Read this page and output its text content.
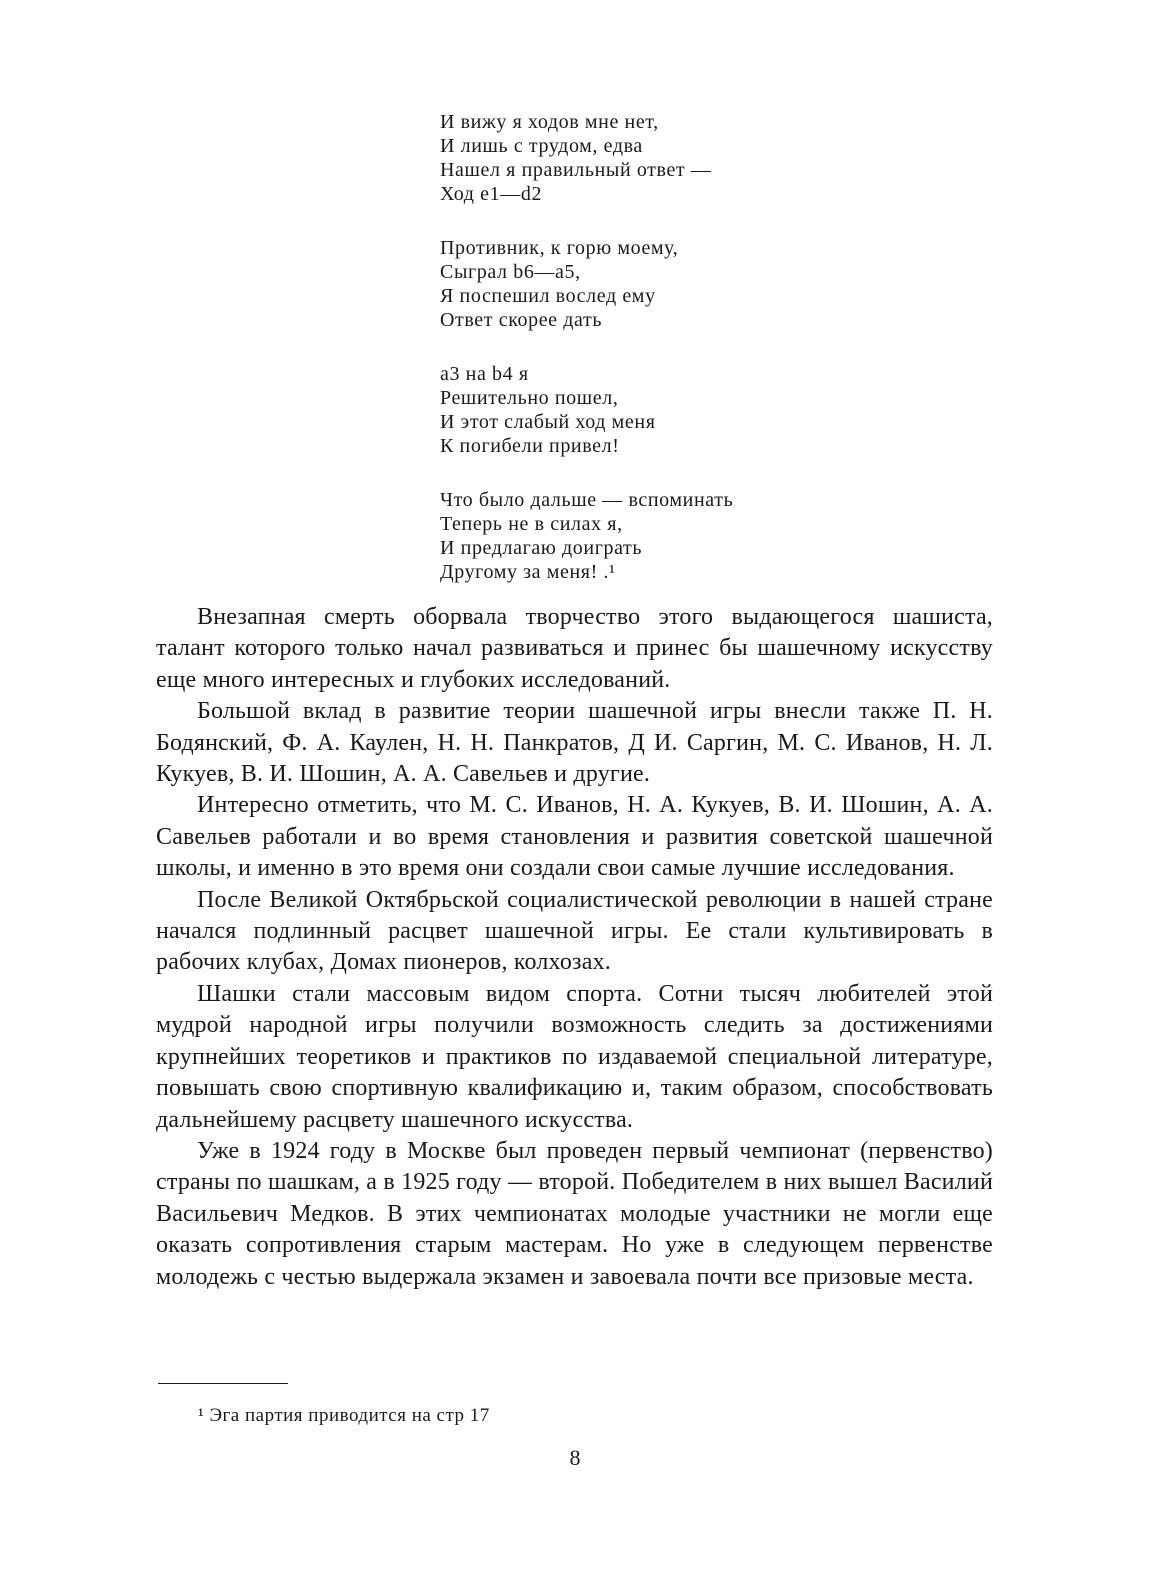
И вижу я ходов мне нет,
И лишь с трудом, едва
Нашел я правильный ответ —
Ход е1—d2
Противник, к горю моему,
Сыграл b6—а5,
Я поспешил вослед ему
Ответ скорее дать
а3 на b4 я
Решительно пошел,
И этот слабый ход меня
К погибели привел!
Что было дальше — вспоминать
Теперь не в силах я,
И предлагаю доиграть
Другому за меня! .¹

Внезапная смерть оборвала творчество этого выдающегося шашиста, талант которого только начал развиваться и принес бы шашечному искусству еще много интересных и глубоких исследований.

Большой вклад в развитие теории шашечной игры внесли также П. Н. Бодянский, Ф. А. Каулен, Н. Н. Панкратов, Д И. Саргин, М. С. Иванов, Н. Л. Кукуев, В. И. Шошин, А. А. Савельев и другие.

Интересно отметить, что М. С. Иванов, Н. А. Кукуев, В. И. Шошин, А. А. Савельев работали и во время становления и развития советской шашечной школы, и именно в это время они создали свои самые лучшие исследования.

После Великой Октябрьской социалистической революции в нашей стране начался подлинный расцвет шашечной игры. Ее стали культивировать в рабочих клубах, Домах пионеров, колхозах.

Шашки стали массовым видом спорта. Сотни тысяч любителей этой мудрой народной игры получили возможность следить за достижениями крупнейших теоретиков и практиков по издаваемой специальной литературе, повышать свою спортивную квалификацию и, таким образом, способствовать дальнейшему расцвету шашечного искусства.

Уже в 1924 году в Москве был проведен первый чемпионат (первенство) страны по шашкам, а в 1925 году — второй. Победителем в них вышел Василий Васильевич Медков. В этих чемпионатах молодые участники не могли еще оказать сопротивления старым мастерам. Но уже в следующем первенстве молодежь с честью выдержала экзамен и завоевала почти все призовые места.

¹ Эга партия приводится на стр 17
8
